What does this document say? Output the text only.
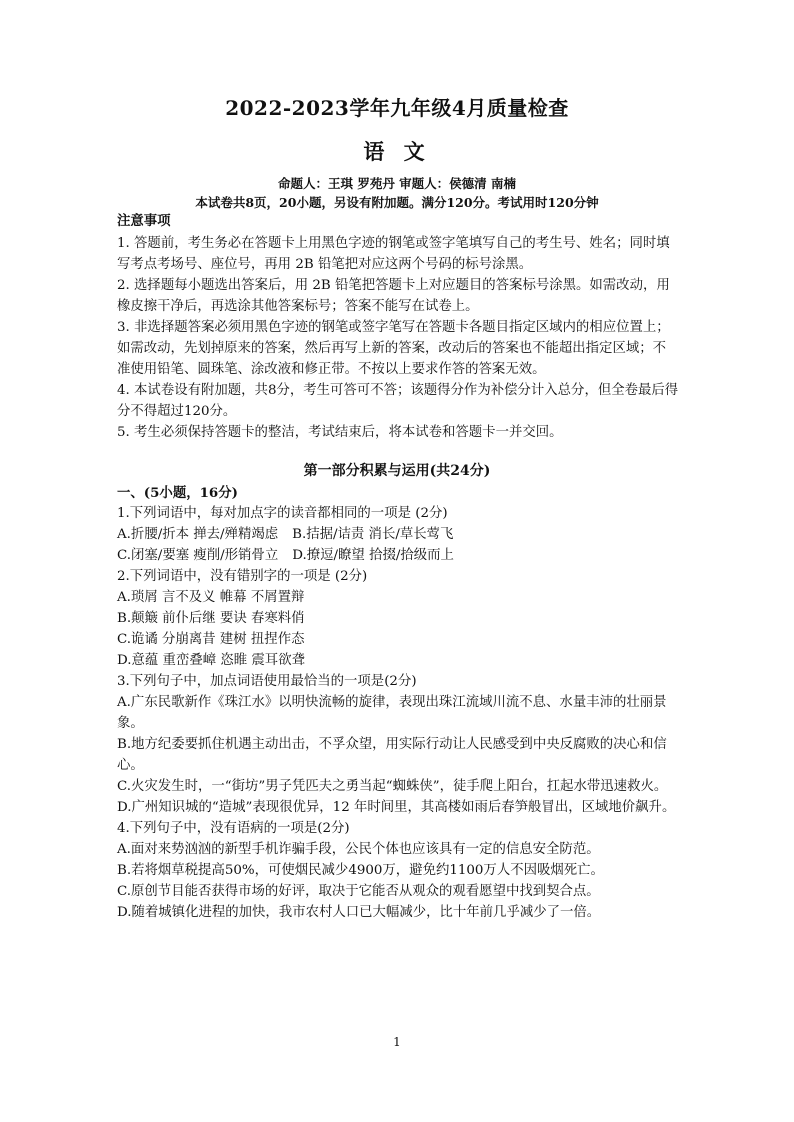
2022-2023学年九年级4月质量检查
语 文
命题人：王琪 罗苑丹 审题人：侯德清 南楠
本试卷共8页，20小题，另设有附加题。满分120分。考试用时120分钟
注意事项

1. 答题前，考生务必在答题卡上用黑色字迹的钢笔或签字笔填写自己的考生号、姓名；同时填写考点考场号、座位号，再用 2B 铅笔把对应这两个号码的标号涂黑。

2. 选择题每小题选出答案后，用 2B 铅笔把答题卡上对应题目的答案标号涂黑。如需改动，用橡皮擦干净后，再选涂其他答案标号；答案不能写在试卷上。

3. 非选择题答案必须用黑色字迹的钢笔或签字笔写在答题卡各题目指定区域内的相应位置上；如需改动，先划掉原来的答案，然后再写上新的答案，改动后的答案也不能超出指定区域；不准使用铅笔、圆珠笔、涂改液和修正带。不按以上要求作答的答案无效。

4. 本试卷设有附加题，共8分，考生可答可不答；该题得分作为补偿分计入总分，但全卷最后得分不得超过120分。

5. 考生必须保持答题卡的整洁，考试结束后，将本试卷和答题卡一并交回。

第一部分积累与运用(共24分)
一、(5小题，16分)

1.下列词语中，每对加点字的读音都相同的一项是 (2分)

A.折腰/折本 掸去/殚精竭虑 B.拮据/诘责 消长/草长莺飞
C.闭塞/要塞 瘦削/形销骨立 D.撩逗/瞭望 拾掇/拾级而上

2.下列词语中，没有错别字的一项是 (2分)

A.琐屑 言不及义 帷幕 不屑置辩

B.颠簸 前仆后继 要诀 春寒料俏

C.诡谲 分崩离昔 建树 扭捏作态

D.意蕴 重峦叠嶂 恣睢 震耳欲聋

3.下列句子中，加点词语使用最恰当的一项是(2分)

A.广东民歌新作《珠江水》以明快流畅的旋律，表现出珠江流域川流不息、水量丰沛的壮丽景象。

B.地方纪委要抓住机遇主动出击，不孚众望，用实际行动让人民感受到中央反腐败的决心和信心。

C.火灾发生时，一“街坊”男子凭匹夫之勇当起“蜘蛛侠”，徒手爬上阳台，扛起水带迅速救火。

D.广州知识城的“造城”表现很优异，12 年时间里，其高楼如雨后春笋般冒出，区域地价飙升。

4.下列句子中，没有语病的一项是(2分)

A.面对来势汹汹的新型手机诈骗手段，公民个体也应该具有一定的信息安全防范。

B.若将烟草税提高50%，可使烟民减少4900万，避免约1100万人不因吸烟死亡。

C.原创节目能否获得市场的好评，取决于它能否从观众的观看愿望中找到契合点。

D.随着城镇化进程的加快，我市农村人口已大幅减少，比十年前几乎减少了一倍。

1
